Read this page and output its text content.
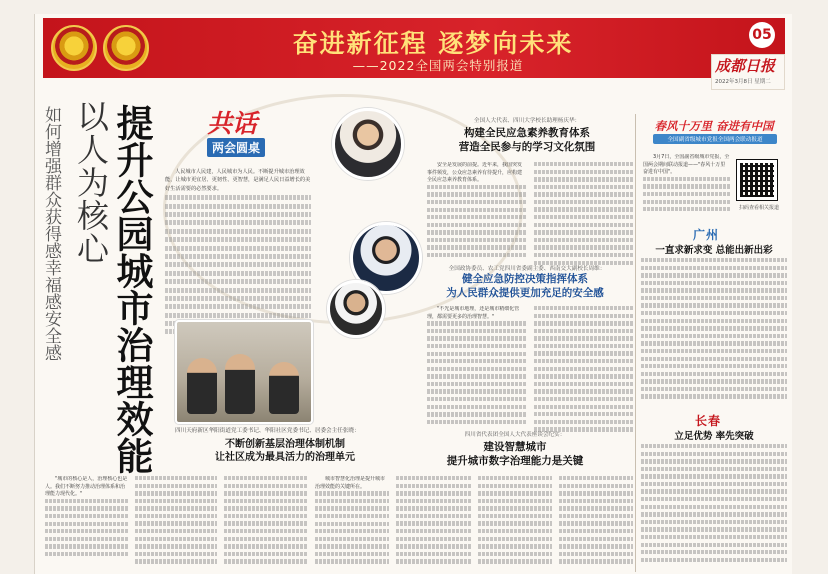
奋进新征程 逐梦向未来
——2022全国两会特别报道
05
成都日报
2022年3月8日 星期二
如何增强群众获得感幸福感安全感 以人为核心 提升公园城市治理效能 共话
两会圆桌
人民城市人民建，人民城市为人民。不断提升城市治理效能，让城市更宜居、更韧性、更智慧，是满足人民日益增长的美好生活需要的必然要求。
全国人大代表、四川大学校长助理杨庆华：
构建全民应急素养教育体系
营造全民参与的学习文化氛围
安全是发展的前提。近年来，我国突发事件频发，公众应急素养有待提升，应构建全民应急素养教育体系。
全国政协委员、农工党四川省委副主委、西南交大副校长周维：
健全应急防控决策指挥体系
为人民群众提供更加充足的安全感
"不光是城市地理，还是城市精细化管理，都需要更多的治理智慧。"
四川天府新区华阳街道党工委书记、华阳社区党委书记、居委会主任张晓：
不断创新基层治理体制机制
让社区成为最具活力的治理单元
"城市的核心是人，治理核心也是人。我们不断努力推动治理体系和治理能力现代化。"
四川省代表团全国人大代表座谈会纪实：
建设智慧城市
提升城市数字治理能力是关键
城市智慧化治理是提升城市治理效能的关键所在。
春风十万里 奋进有中国
全国副省级城市党报全国两会联动报道
3月7日，全国副省级城市党报，全国两会期间联动报道——"春风十万里 奋进有中国"。
扫码查看相关报道
广州
一直求新求变 总能出新出彩
长春
立足优势 率先突破
